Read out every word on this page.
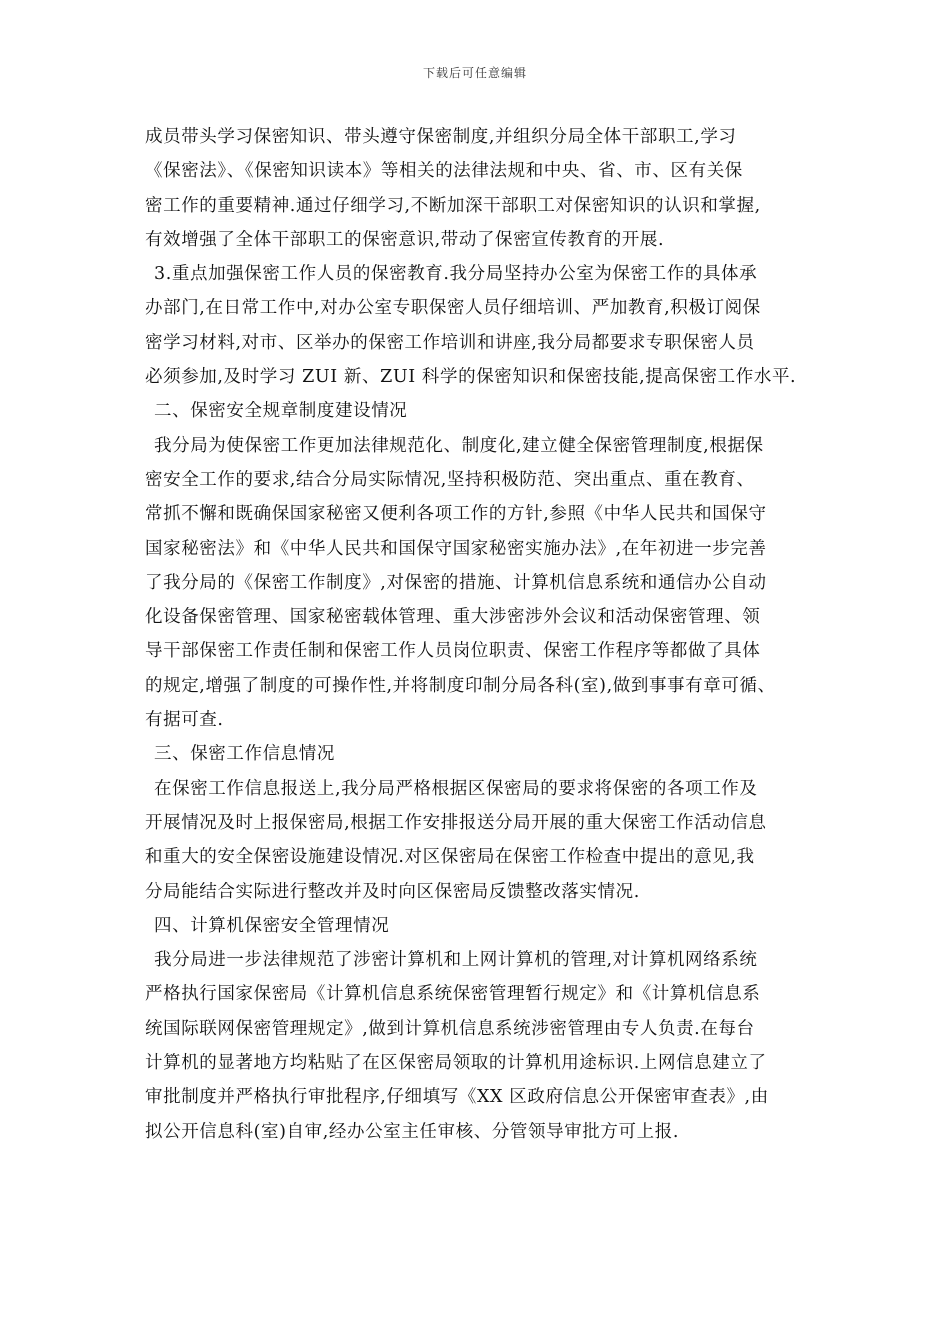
下载后可任意编辑
成员带头学习保密知识、带头遵守保密制度,并组织分局全体干部职工,学习
《保密法》、《保密知识读本》等相关的法律法规和中央、省、市、区有关保
密工作的重要精神.通过仔细学习,不断加深干部职工对保密知识的认识和掌握,
有效增强了全体干部职工的保密意识,带动了保密宣传教育的开展.
3.重点加强保密工作人员的保密教育.我分局坚持办公室为保密工作的具体承
办部门,在日常工作中,对办公室专职保密人员仔细培训、严加教育,积极订阅保
密学习材料,对市、区举办的保密工作培训和讲座,我分局都要求专职保密人员
必须参加,及时学习 ZUI 新、ZUI 科学的保密知识和保密技能,提高保密工作水平.
二、保密安全规章制度建设情况
我分局为使保密工作更加法律规范化、制度化,建立健全保密管理制度,根据保
密安全工作的要求,结合分局实际情况,坚持积极防范、突出重点、重在教育、
常抓不懈和既确保国家秘密又便利各项工作的方针,参照《中华人民共和国保守
国家秘密法》和《中华人民共和国保守国家秘密实施办法》,在年初进一步完善
了我分局的《保密工作制度》,对保密的措施、计算机信息系统和通信办公自动
化设备保密管理、国家秘密载体管理、重大涉密涉外会议和活动保密管理、领
导干部保密工作责任制和保密工作人员岗位职责、保密工作程序等都做了具体
的规定,增强了制度的可操作性,并将制度印制分局各科(室),做到事事有章可循、
有据可查.
三、保密工作信息情况
在保密工作信息报送上,我分局严格根据区保密局的要求将保密的各项工作及
开展情况及时上报保密局,根据工作安排报送分局开展的重大保密工作活动信息
和重大的安全保密设施建设情况.对区保密局在保密工作检查中提出的意见,我
分局能结合实际进行整改并及时向区保密局反馈整改落实情况.
四、计算机保密安全管理情况
我分局进一步法律规范了涉密计算机和上网计算机的管理,对计算机网络系统
严格执行国家保密局《计算机信息系统保密管理暂行规定》和《计算机信息系
统国际联网保密管理规定》,做到计算机信息系统涉密管理由专人负责.在每台
计算机的显著地方均粘贴了在区保密局领取的计算机用途标识.上网信息建立了
审批制度并严格执行审批程序,仔细填写《XX 区政府信息公开保密审查表》,由
拟公开信息科(室)自审,经办公室主任审核、分管领导审批方可上报.
